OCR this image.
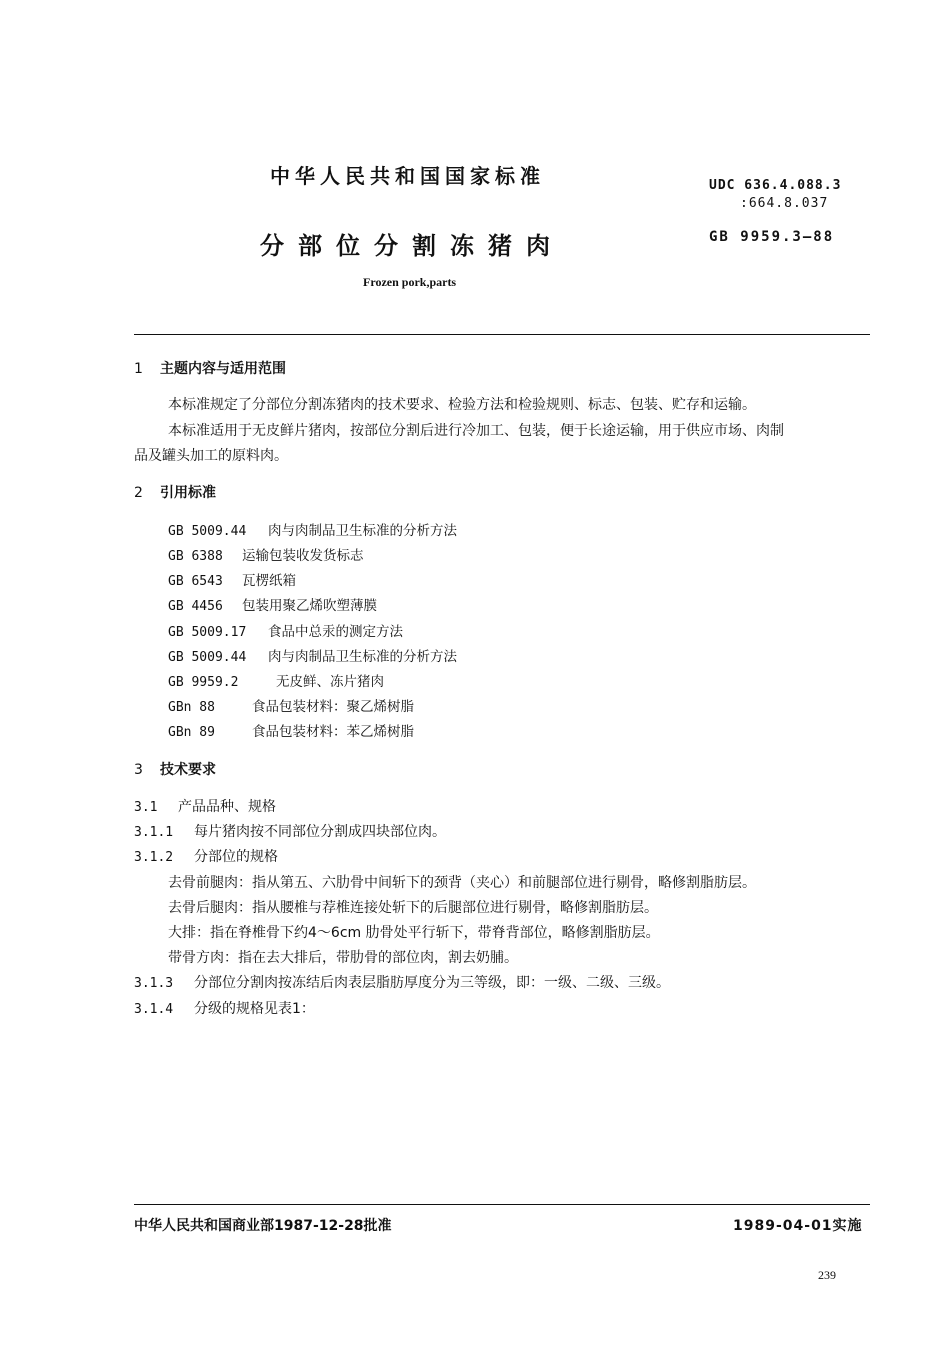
中华人民共和国国家标准	UDC 636.4.088.3
:664.8.037
分部位分割冻猪肉	GB 9959.3—88
Frozen pork,parts
1 主题内容与适用范围
本标准规定了分部位分割冻猪肉的技术要求、检验方法和检验规则、标志、包装、贮存和运输。
本标准适用于无皮鲜片猪肉，按部位分割后进行冷加工、包装，便于长途运输，用于供应市场、肉制
品及罐头加工的原料肉。
2 引用标准
GB 5009.44 肉与肉制品卫生标准的分析方法
GB 6388 运输包装收发货标志
GB 6543 瓦楞纸箱
GB 4456 包装用聚乙烯吹塑薄膜
GB 5009.17 食品中总汞的测定方法
GB 5009.44 肉与肉制品卫生标准的分析方法
GB 9959.2	无皮鲜、冻片猪肉
GBn 88	食品包装材料：聚乙烯树脂
GBn 89	食品包装材料：苯乙烯树脂
3 技术要求
3.1 产品品种、规格
3.1.1 每片猪肉按不同部位分割成四块部位肉。
3.1.2 分部位的规格
去骨前腿肉：指从第五、六肋骨中间斩下的颈背（夹心）和前腿部位进行剔骨，略修割脂肪层。
去骨后腿肉：指从腰椎与荐椎连接处斩下的后腿部位进行剔骨，略修割脂肪层。
大排：指在脊椎骨下约4～6cm 肋骨处平行斩下，带脊背部位，略修割脂肪层。
带骨方肉：指在去大排后，带肋骨的部位肉，割去奶脯。
3.1.3 分部位分割肉按冻结后肉表层脂肪厚度分为三等级，即：一级、二级、三级。
3.1.4 分级的规格见表1：
中华人民共和国商业部1987-12-28批准	1989-04-01实施
239
